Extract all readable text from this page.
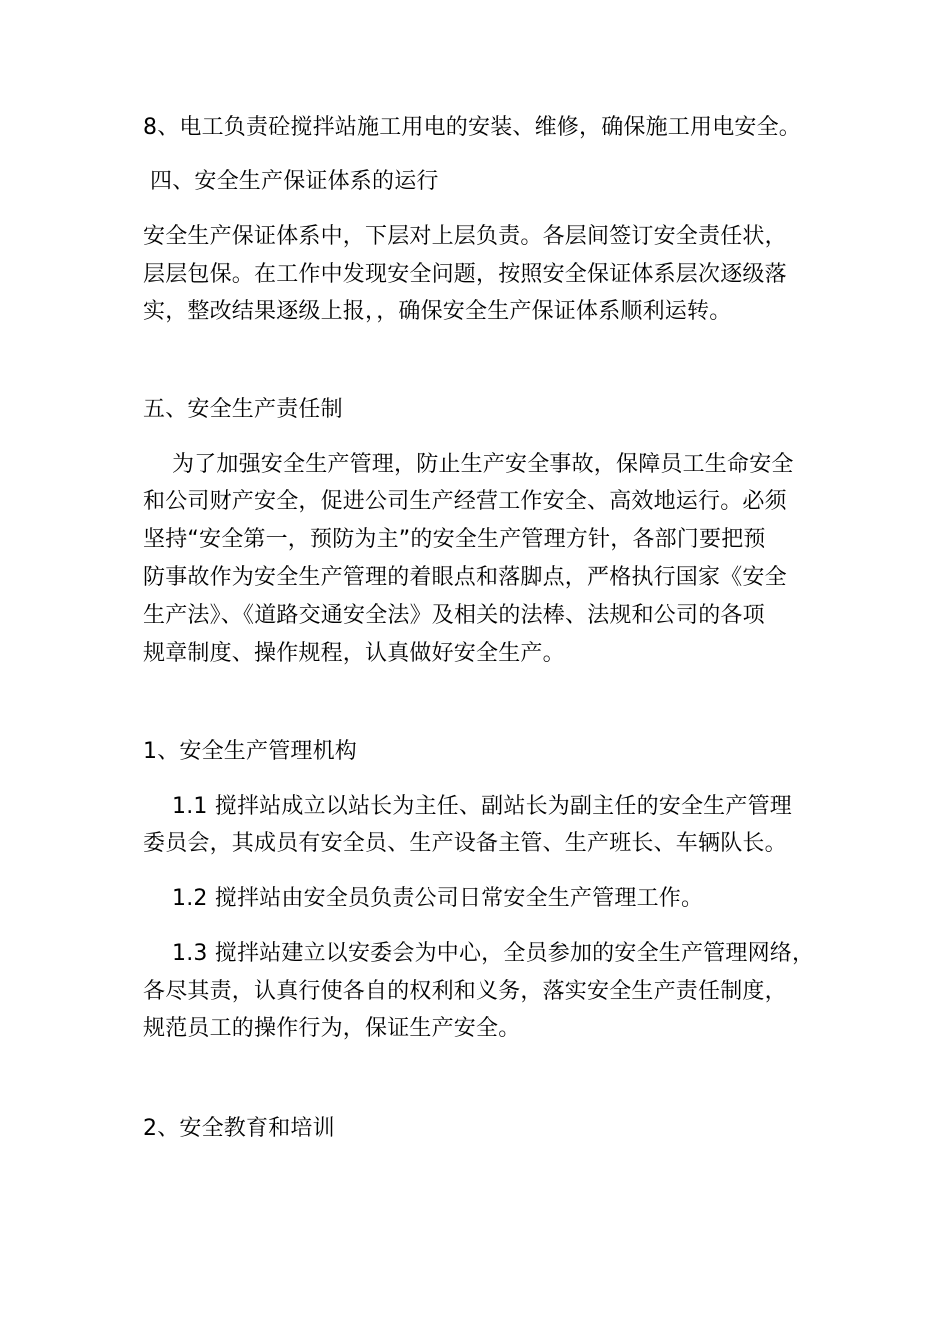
8、电工负责砼搅拌站施工用电的安装、维修，确保施工用电安全。
四、安全生产保证体系的运行
安全生产保证体系中，下层对上层负责。各层间签订安全责任状，
层层包保。在工作中发现安全问题，按照安全保证体系层次逐级落
实，整改结果逐级上报，，确保安全生产保证体系顺利运转。
五、安全生产责任制
为了加强安全生产管理，防止生产安全事故，保障员工生命安全
和公司财产安全，促进公司生产经营工作安全、高效地运行。必须
坚持“安全第一，预防为主”的安全生产管理方针，各部门要把预
防事故作为安全生产管理的着眼点和落脚点，严格执行国家《安全
生产法》、《道路交通安全法》及相关的法棒、法规和公司的各项
规章制度、操作规程，认真做好安全生产。
1、安全生产管理机构
1.1 搅拌站成立以站长为主任、副站长为副主任的安全生产管理
委员会，其成员有安全员、生产设备主管、生产班长、车辆队长。
1.2 搅拌站由安全员负责公司日常安全生产管理工作。
1.3 搅拌站建立以安委会为中心，全员参加的安全生产管理网络，
各尽其责，认真行使各自的权利和义务，落实安全生产责任制度，
规范员工的操作行为，保证生产安全。
2、安全教育和培训
